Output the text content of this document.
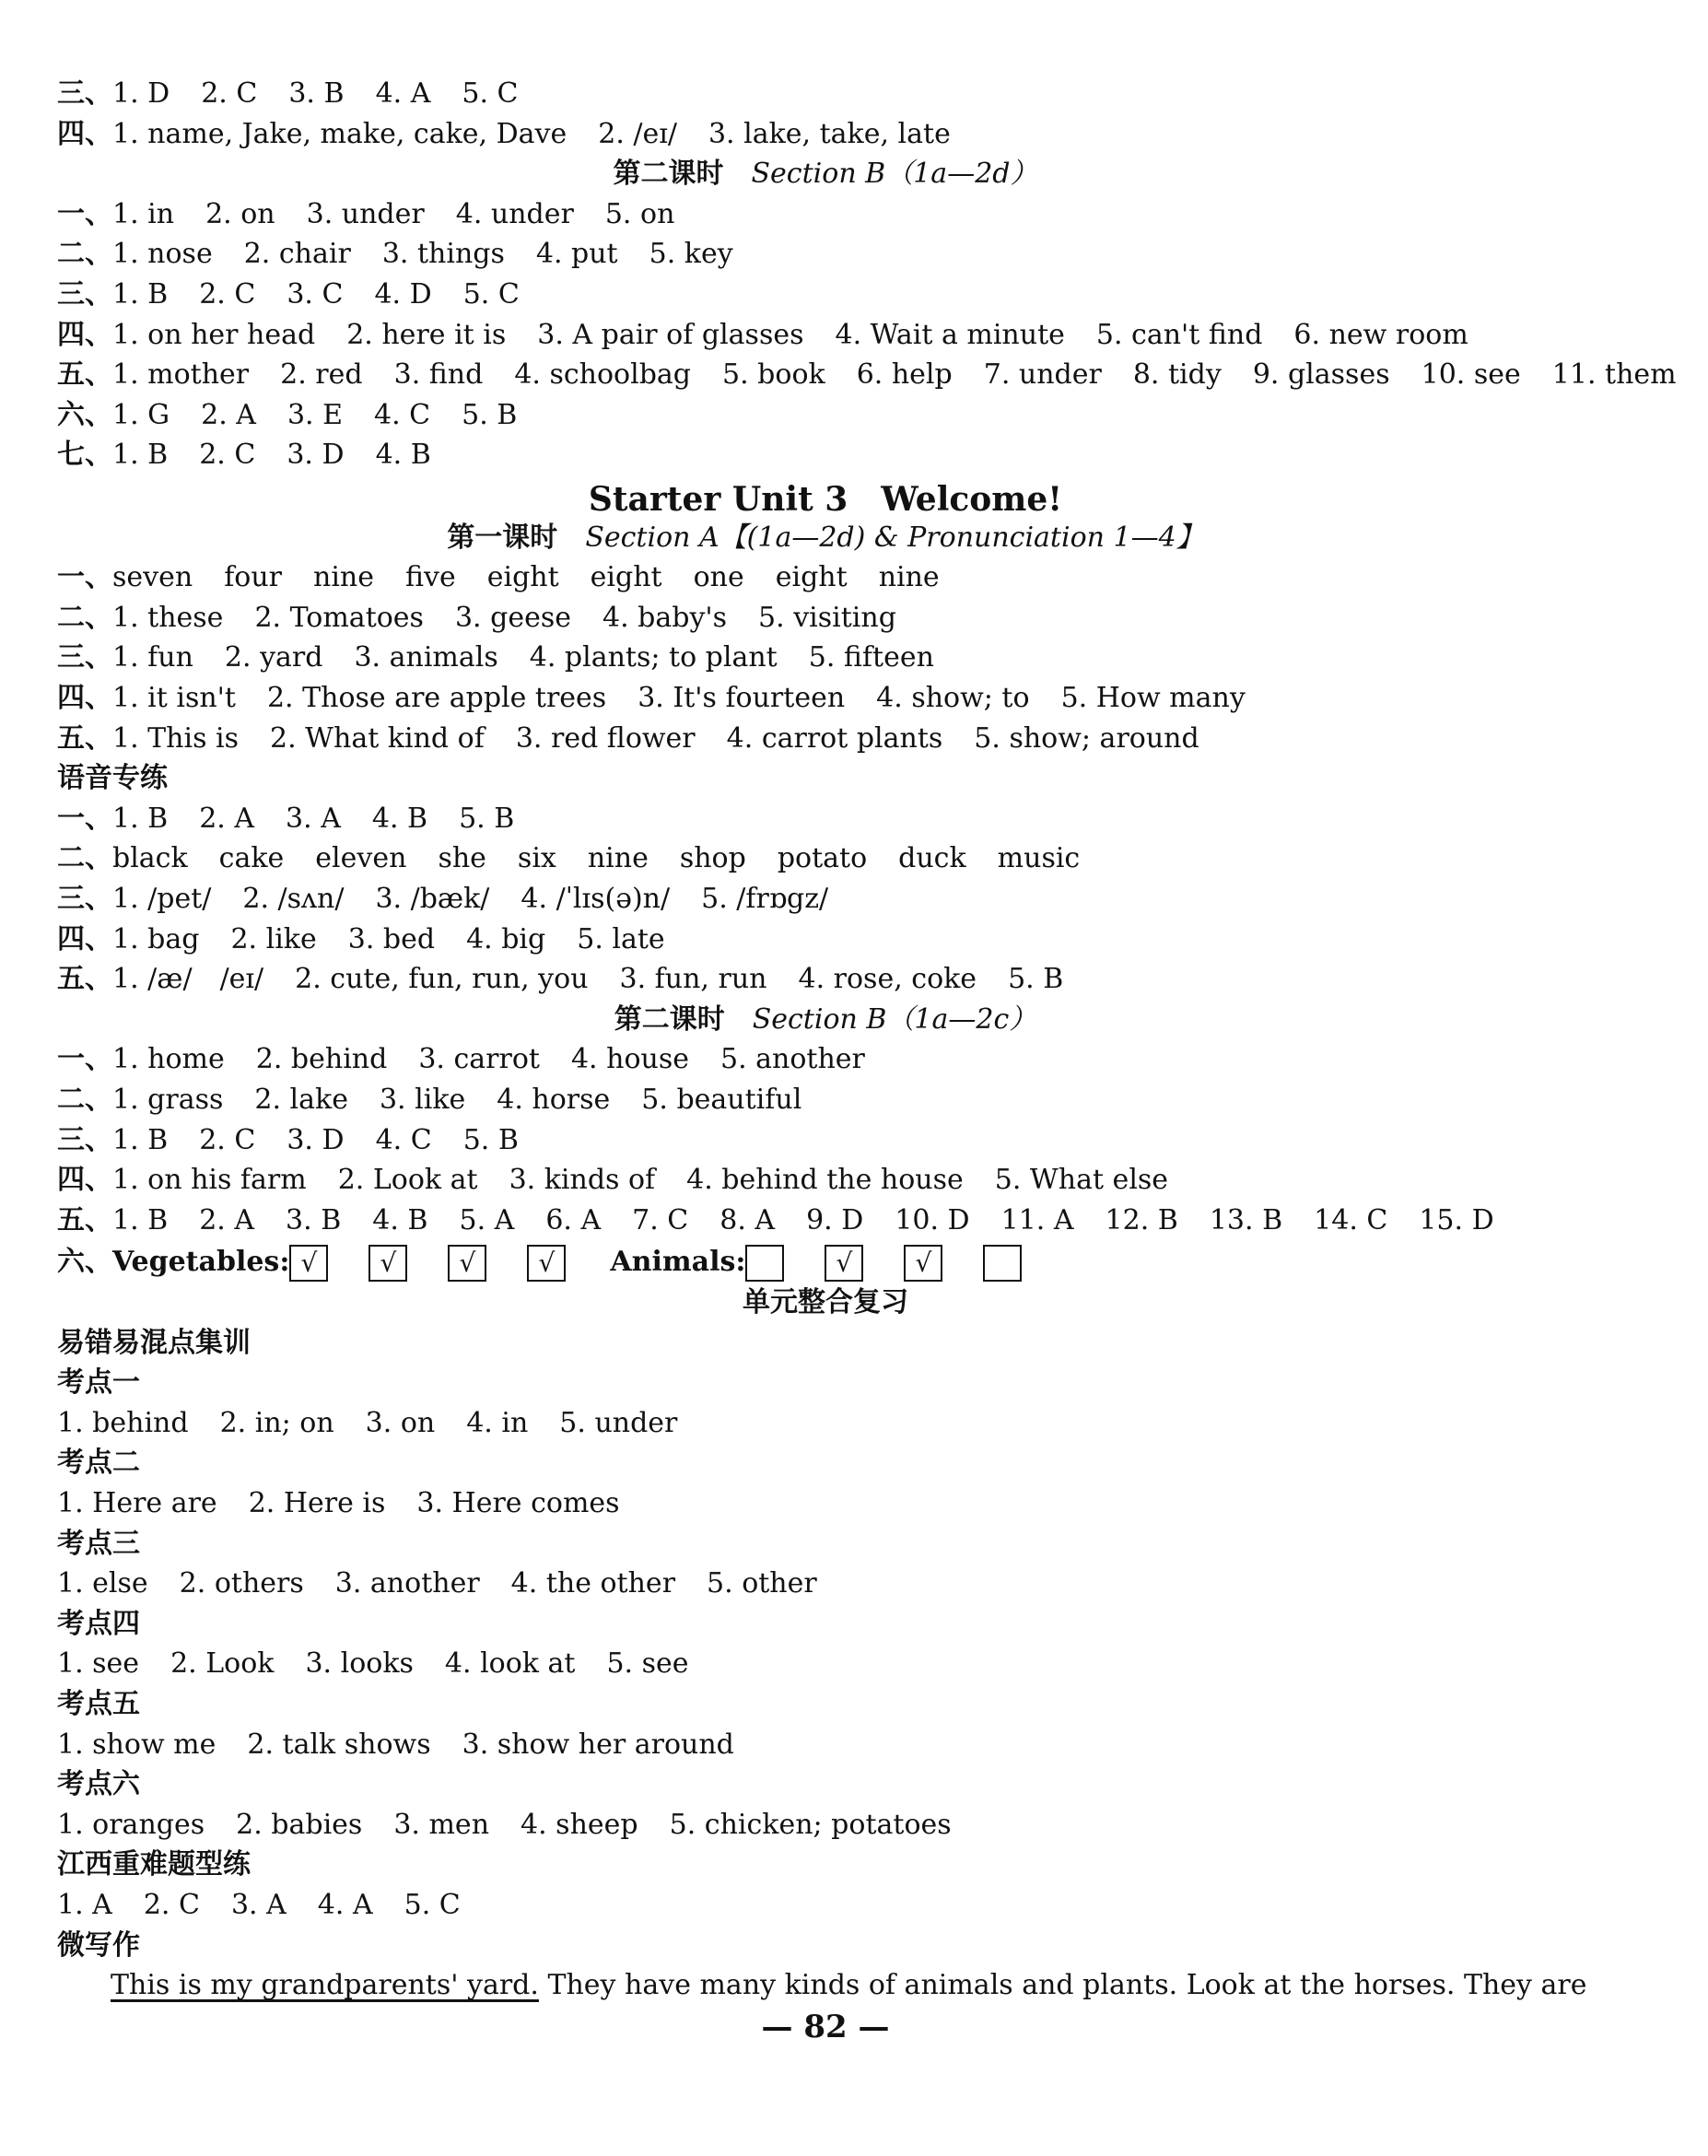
三、1. D 2. C 3. B 4. A 5. C
四、1. name, Jake, make, cake, Dave 2. /eɪ/ 3. lake, take, late
第二课时 Section B（1a—2d）
一、1. in 2. on 3. under 4. under 5. on
二、1. nose 2. chair 3. things 4. put 5. key
三、1. B 2. C 3. C 4. D 5. C
四、1. on her head 2. here it is 3. A pair of glasses 4. Wait a minute 5. can't find 6. new room
五、1. mother 2. red 3. find 4. schoolbag 5. book 6. help 7. under 8. tidy 9. glasses 10. see 11. them
六、1. G 2. A 3. E 4. C 5. B
七、1. B 2. C 3. D 4. B
Starter Unit 3　Welcome!
第一课时 Section A【(1a—2d) & Pronunciation 1—4】
一、seven four nine five eight eight one eight nine
二、1. these 2. Tomatoes 3. geese 4. baby's 5. visiting
三、1. fun 2. yard 3. animals 4. plants; to plant 5. fifteen
四、1. it isn't 2. Those are apple trees 3. It's fourteen 4. show; to 5. How many
五、1. This is 2. What kind of 3. red flower 4. carrot plants 5. show; around
语音专练
一、1. B 2. A 3. A 4. B 5. B
二、black cake eleven she six nine shop potato duck music
三、1. /pet/ 2. /sʌn/ 3. /bæk/ 4. /ˈlɪs(ə)n/ 5. /frɒgz/
四、1. bag 2. like 3. bed 4. big 5. late
五、1. /æ/　/eɪ/ 2. cute, fun, run, you 3. fun, run 4. rose, coke 5. B
第二课时 Section B（1a—2c）
一、1. home 2. behind 3. carrot 4. house 5. another
二、1. grass 2. lake 3. like 4. horse 5. beautiful
三、1. B 2. C 3. D 4. C 5. B
四、1. on his farm 2. Look at 3. kinds of 4. behind the house 5. What else
五、1. B 2. A 3. B 4. B 5. A 6. A 7. C 8. A 9. D 10. D 11. A 12. B 13. B 14. C 15. D
六、Vegetables: √ √ √ √ Animals:	√ √
单元整合复习
易错易混点集训
考点一
1. behind 2. in; on 3. on 4. in 5. under
考点二
1. Here are 2. Here is 3. Here comes
考点三
1. else 2. others 3. another 4. the other 5. other
考点四
1. see 2. Look 3. looks 4. look at 5. see
考点五
1. show me 2. talk shows 3. show her around
考点六
1. oranges 2. babies 3. men 4. sheep 5. chicken; potatoes
江西重难题型练
1. A 2. C 3. A 4. A 5. C
微写作
This is my grandparents' yard. They have many kinds of animals and plants. Look at the horses. They are
— 82 —
